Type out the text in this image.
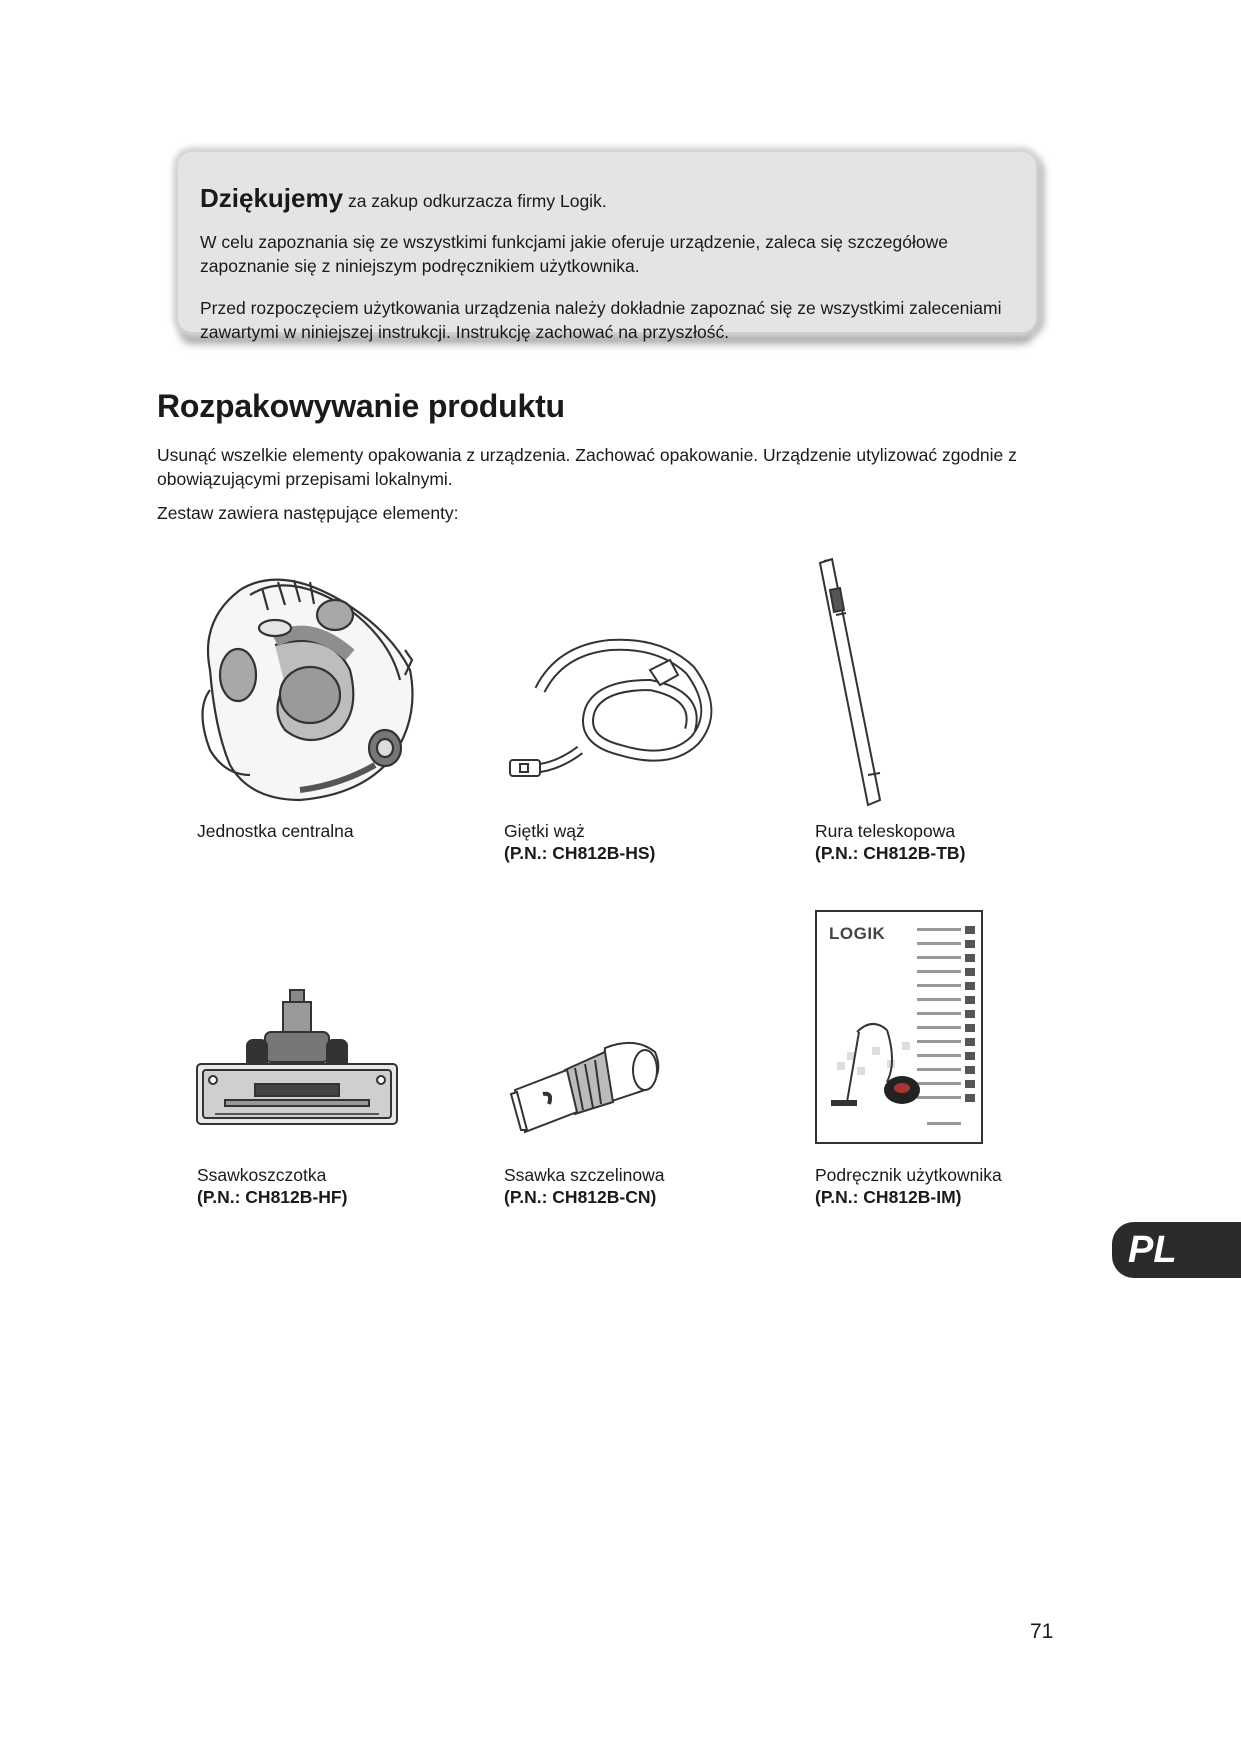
Dziękujemy za zakup odkurzacza firmy Logik.

W celu zapoznania się ze wszystkimi funkcjami jakie oferuje urządzenie, zaleca się szczegółowe zapoznanie się z niniejszym podręcznikiem użytkownika.

Przed rozpoczęciem użytkowania urządzenia należy dokładnie zapoznać się ze wszystkimi zaleceniami zawartymi w niniejszej instrukcji. Instrukcję zachować na przyszłość.

Rozpakowywanie produktu

Usunąć wszelkie elementy opakowania z urządzenia. Zachować opakowanie. Urządzenie utylizować zgodnie z obowiązującymi przepisami lokalnymi.

Zestaw zawiera następujące elementy:

Jednostka centralna	Giętki wąż
(P.N.: CH812B-HS)
Rura teleskopowa
(P.N.: CH812B-TB)
Ssawkoszczotka
(P.N.: CH812B-HF)
Ssawka szczelinowa
(P.N.: CH812B-CN)
LOGIK
Podręcznik użytkownika
(P.N.: CH812B-IM)
PL
71
